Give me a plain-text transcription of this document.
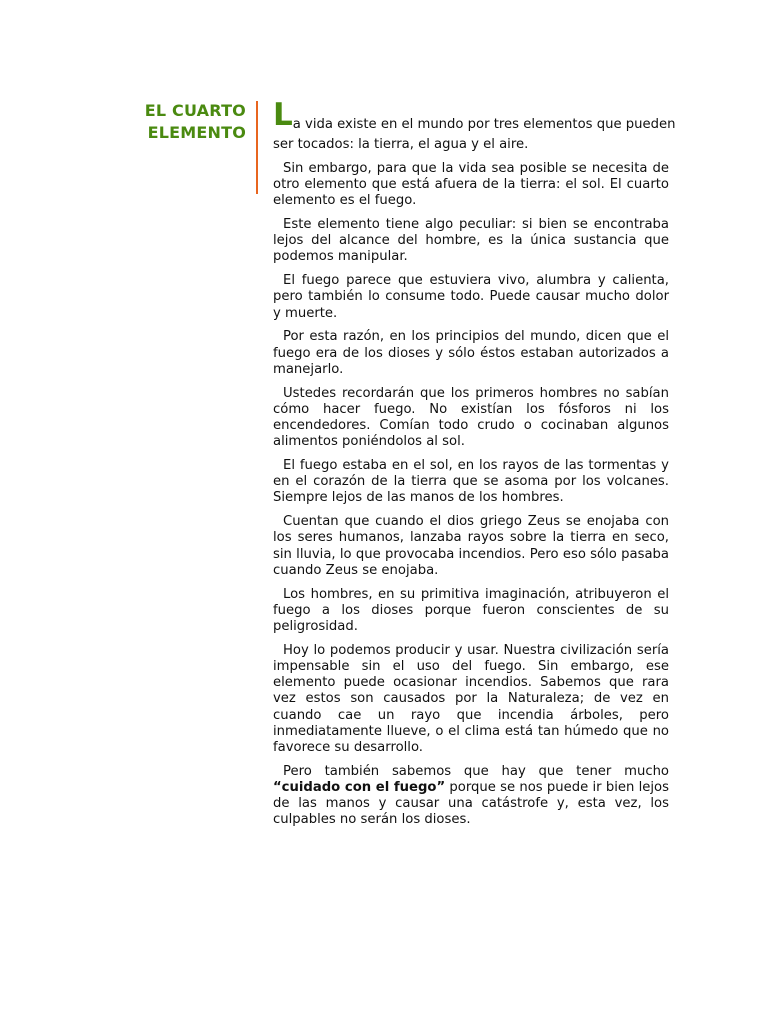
EL CUARTO
ELEMENTO La vida existe en el mundo por tres elementos que pueden
ser tocados: la tierra, el agua y el aire.

Sin embargo, para que la vida sea posible se necesita de otro elemento que está afuera de la tierra: el sol. El cuarto elemento es el fuego.

Este elemento tiene algo peculiar: si bien se encontraba lejos del alcance del hombre, es la única sustancia que podemos manipular.

El fuego parece que estuviera vivo, alumbra y calienta, pero también lo consume todo. Puede causar mucho dolor y muerte.

Por esta razón, en los principios del mundo, dicen que el fuego era de los dioses y sólo éstos estaban autorizados a manejarlo.

Ustedes recordarán que los primeros hombres no sabían cómo hacer fuego. No existían los fósforos ni los encendedores. Comían todo crudo o cocinaban algunos alimentos poniéndolos al sol.

El fuego estaba en el sol, en los rayos de las tormentas y en el corazón de la tierra que se asoma por los volcanes. Siempre lejos de las manos de los hombres.

Cuentan que cuando el dios griego Zeus se enojaba con los seres humanos, lanzaba rayos sobre la tierra en seco, sin lluvia, lo que provocaba incendios. Pero eso sólo pasaba cuando Zeus se enojaba.

Los hombres, en su primitiva imaginación, atribuyeron el fuego a los dioses porque fueron conscientes de su peligrosidad.

Hoy lo podemos producir y usar. Nuestra civilización sería impensable sin el uso del fuego. Sin embargo, ese elemento puede ocasionar incendios. Sabemos que rara vez estos son causados por la Naturaleza; de vez en cuando cae un rayo que incendia árboles, pero inmediatamente llueve, o el clima está tan húmedo que no favorece su desarrollo.

Pero también sabemos que hay que tener mucho “cuidado con el fuego” porque se nos puede ir bien lejos de las manos y causar una catástrofe y, esta vez, los culpables no serán los dioses.
